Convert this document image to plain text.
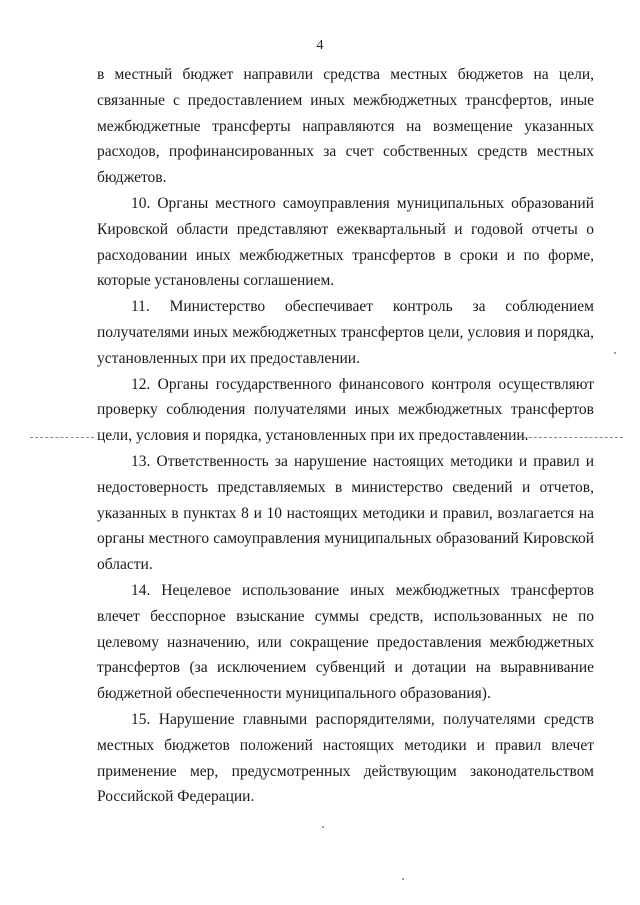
4

в местный бюджет направили средства местных бюджетов на цели, связанные с предоставлением иных межбюджетных трансфертов, иные межбюджетные трансферты направляются на возмещение указанных расходов, профинансированных за счет собственных средств местных бюджетов.

10. Органы местного самоуправления муниципальных образований Кировской области представляют ежеквартальный и годовой отчеты о расходовании иных межбюджетных трансфертов в сроки и по форме, которые установлены соглашением.

11. Министерство обеспечивает контроль за соблюдением получателями иных межбюджетных трансфертов цели, условия и порядка, установленных при их предоставлении.

12. Органы государственного финансового контроля осуществляют проверку соблюдения получателями иных межбюджетных трансфертов цели, условия и порядка, установленных при их предоставлении.

13. Ответственность за нарушение настоящих методики и правил и недостоверность представляемых в министерство сведений и отчетов, указанных в пунктах 8 и 10 настоящих методики и правил, возлагается на органы местного самоуправления муниципальных образований Кировской области.

14. Нецелевое использование иных межбюджетных трансфертов влечет бесспорное взыскание суммы средств, использованных не по целевому назначению, или сокращение предоставления межбюджетных трансфертов (за исключением субвенций и дотации на выравнивание бюджетной обеспеченности муниципального образования).

15. Нарушение главными распорядителями, получателями средств местных бюджетов положений настоящих методики и правил влечет применение мер, предусмотренных действующим законодательством Российской Федерации.
